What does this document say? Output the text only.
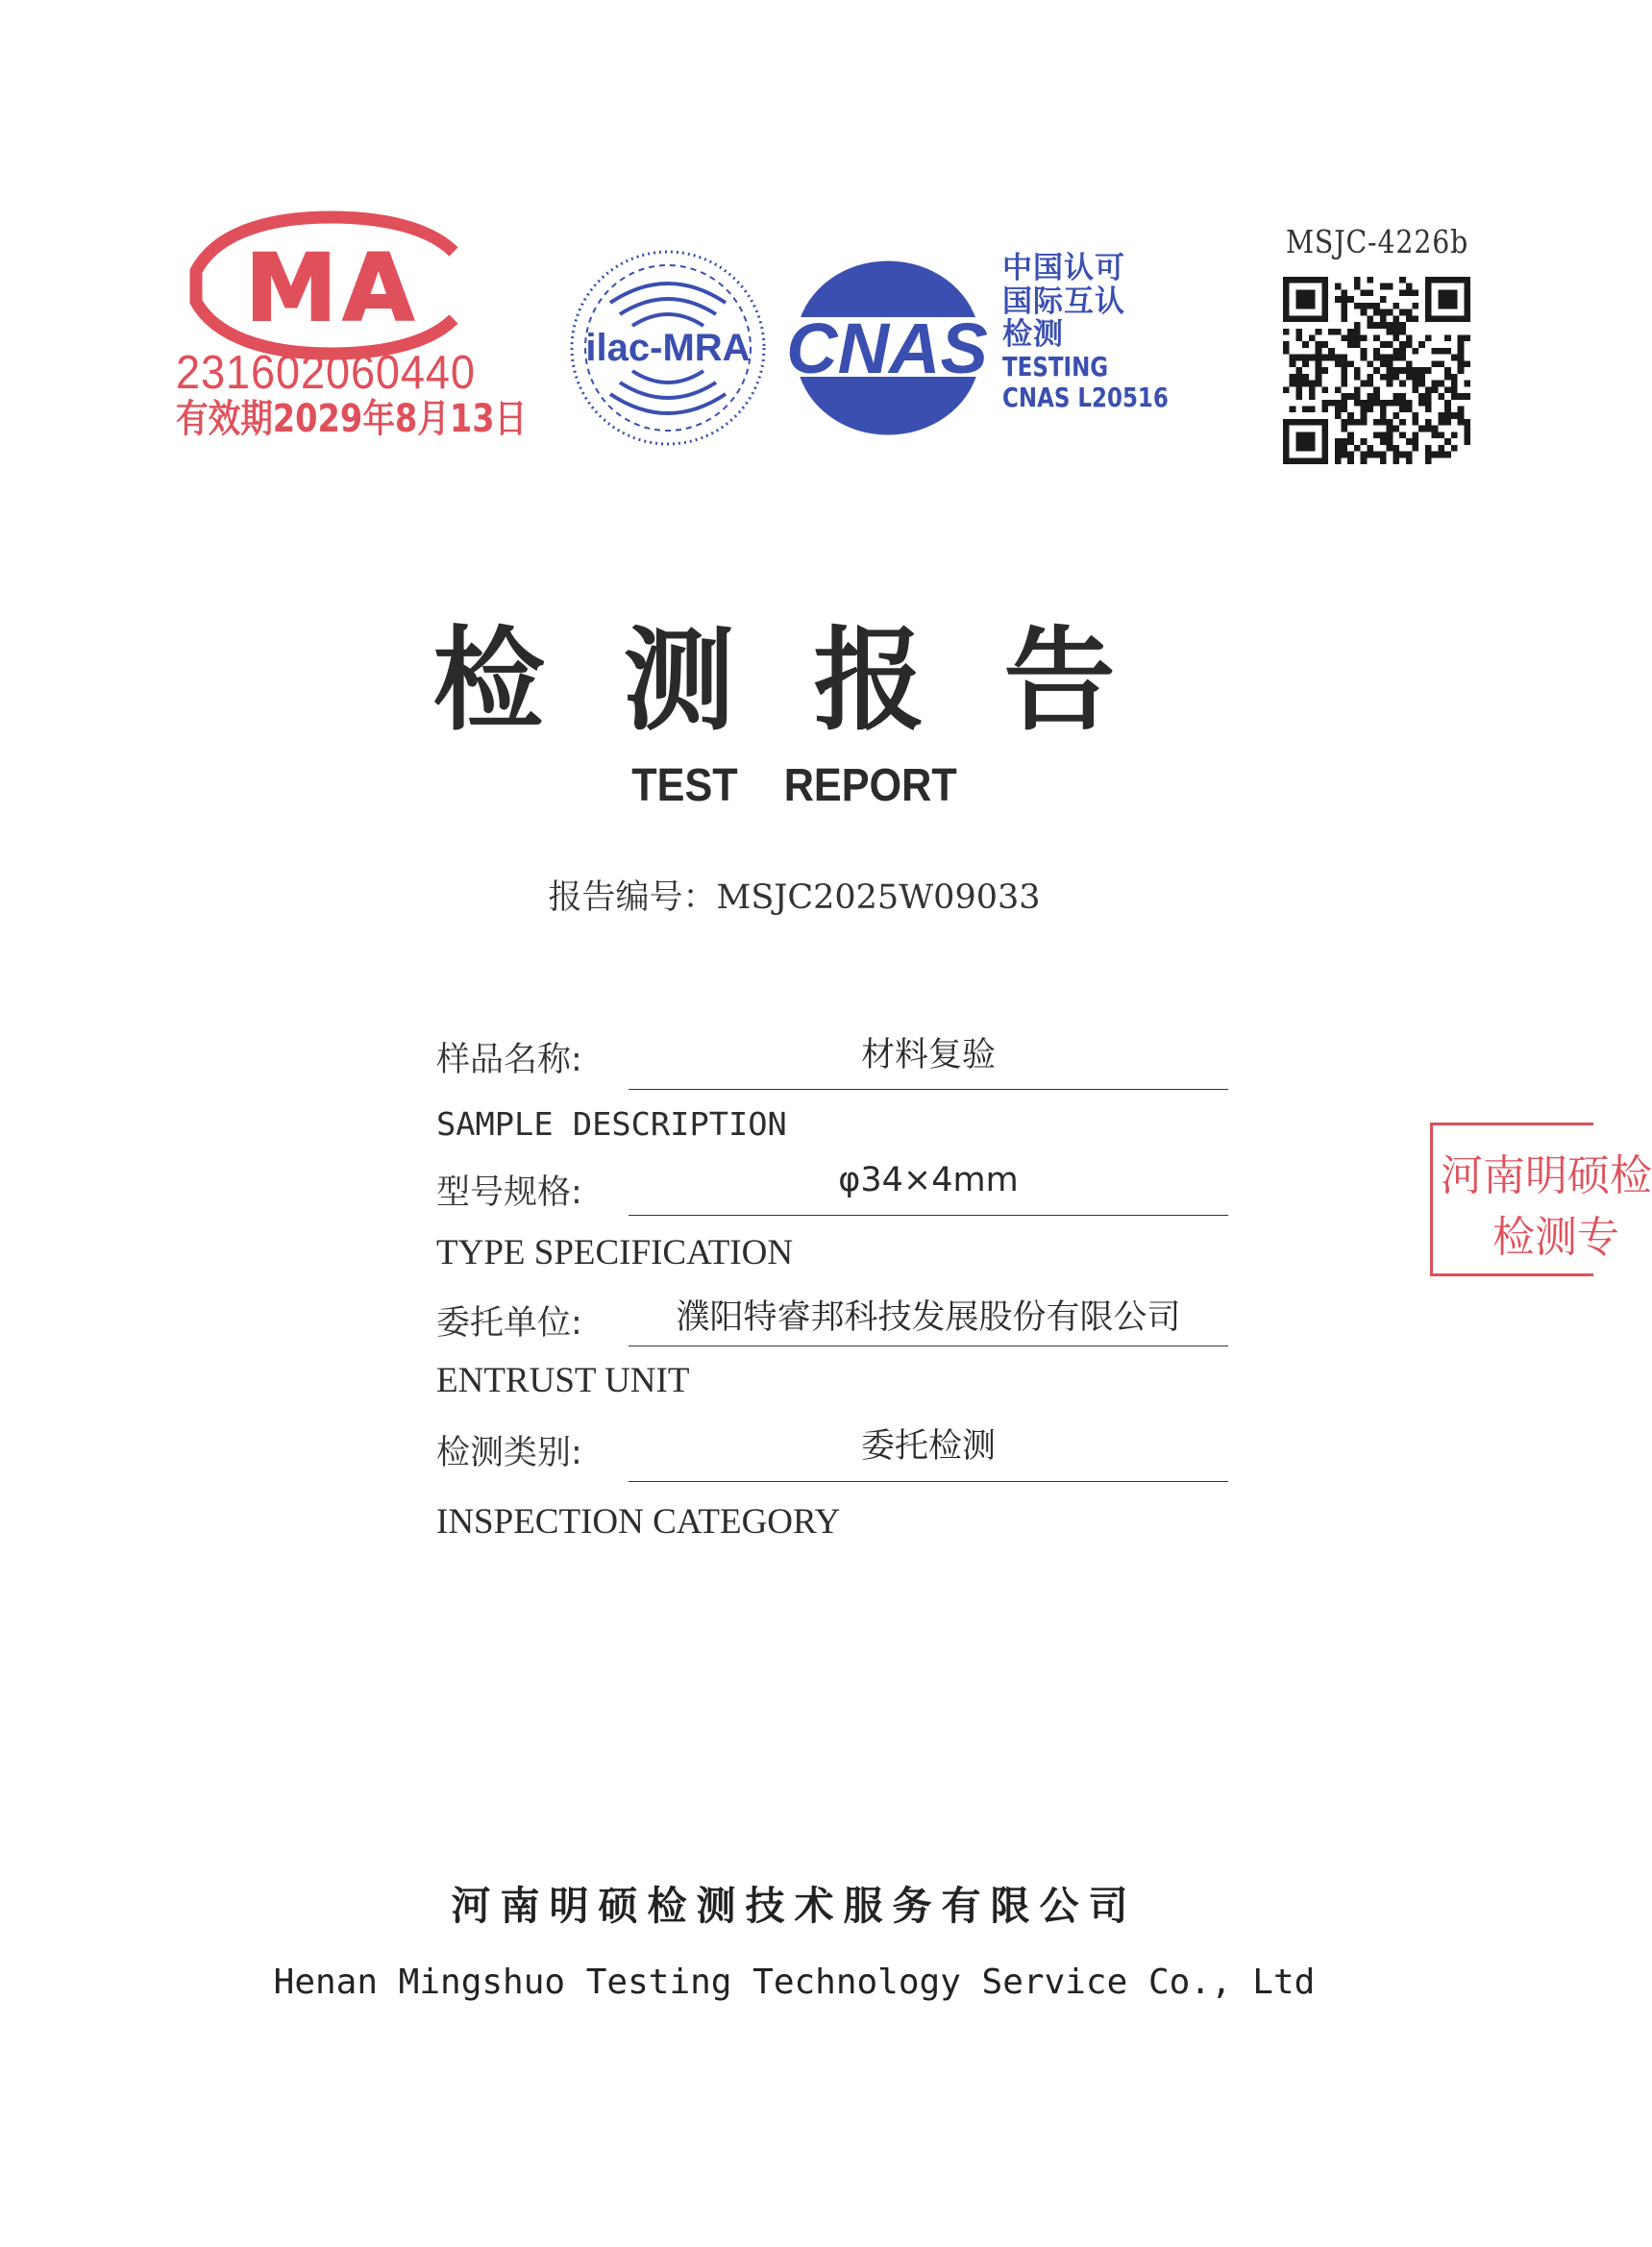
MA
231602060440
有效期2029年8月13日
ilac-MRA CNAS
中国认可
国际互认
检测
TESTING
CNAS L20516
MSJC-4226b
检测报告
TEST REPORT
报告编号：MSJC2025W09033
样品名称:	材料复验
SAMPLE DESCRIPTION
型号规格:	φ34×4mm
TYPE SPECIFICATION
委托单位:	濮阳特睿邦科技发展股份有限公司
ENTRUST UNIT
检测类别:	委托检测
INSPECTION CATEGORY
河南明硕检
检测专
河南明硕检测技术服务有限公司
Henan Mingshuo Testing Technology Service Co., Ltd
